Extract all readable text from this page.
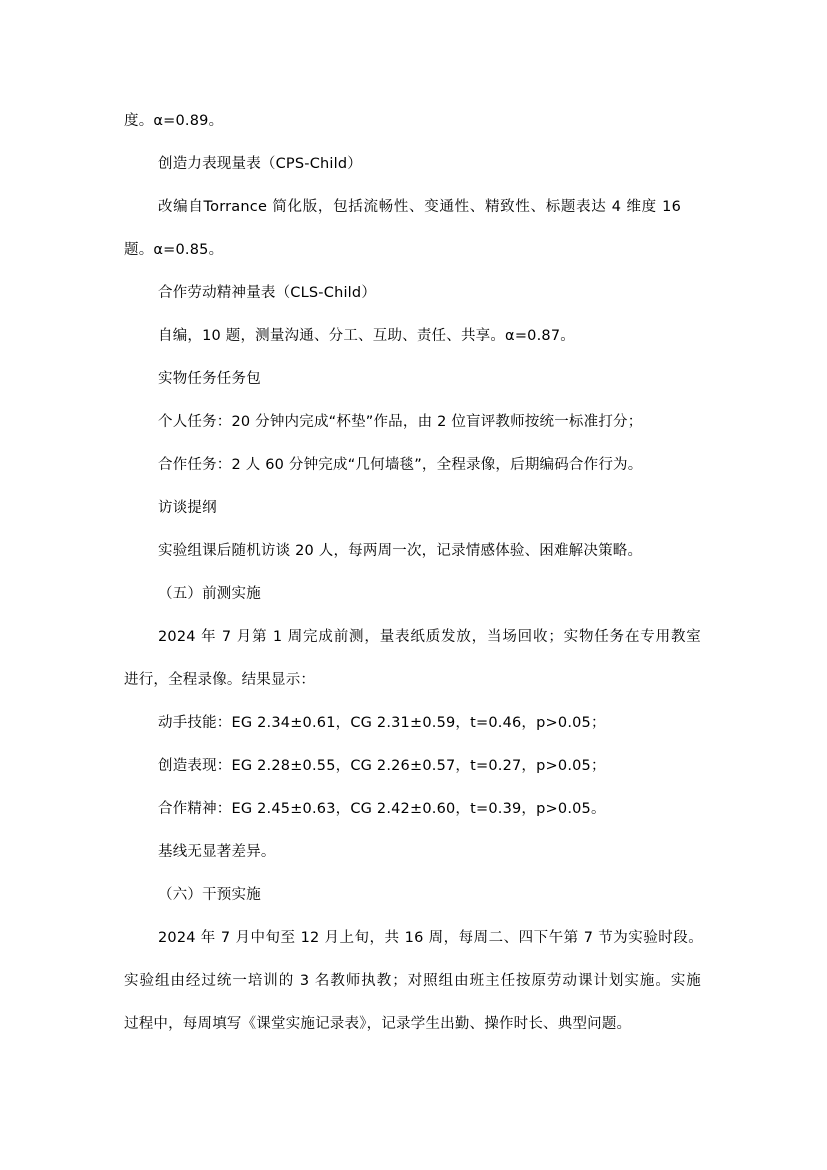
度。α=0.89。
创造力表现量表（CPS-Child）
改编自Torrance 简化版，包括流畅性、变通性、精致性、标题表达 4 维度 16
题。α=0.85。
合作劳动精神量表（CLS-Child）
自编，10 题，测量沟通、分工、互助、责任、共享。α=0.87。
实物任务任务包
个人任务：20 分钟内完成“杯垫”作品，由 2 位盲评教师按统一标准打分；
合作任务：2 人 60 分钟完成“几何墙毯”，全程录像，后期编码合作行为。
访谈提纲
实验组课后随机访谈 20 人，每两周一次，记录情感体验、困难解决策略。
（五）前测实施
2024 年 7 月第 1 周完成前测，量表纸质发放，当场回收；实物任务在专用教室
进行，全程录像。结果显示：
动手技能：EG 2.34±0.61，CG 2.31±0.59，t=0.46，p>0.05；
创造表现：EG 2.28±0.55，CG 2.26±0.57，t=0.27，p>0.05；
合作精神：EG 2.45±0.63，CG 2.42±0.60，t=0.39，p>0.05。
基线无显著差异。
（六）干预实施
2024 年 7 月中旬至 12 月上旬，共 16 周，每周二、四下午第 7 节为实验时段。
实验组由经过统一培训的 3 名教师执教；对照组由班主任按原劳动课计划实施。实施
过程中，每周填写《课堂实施记录表》，记录学生出勤、操作时长、典型问题。
